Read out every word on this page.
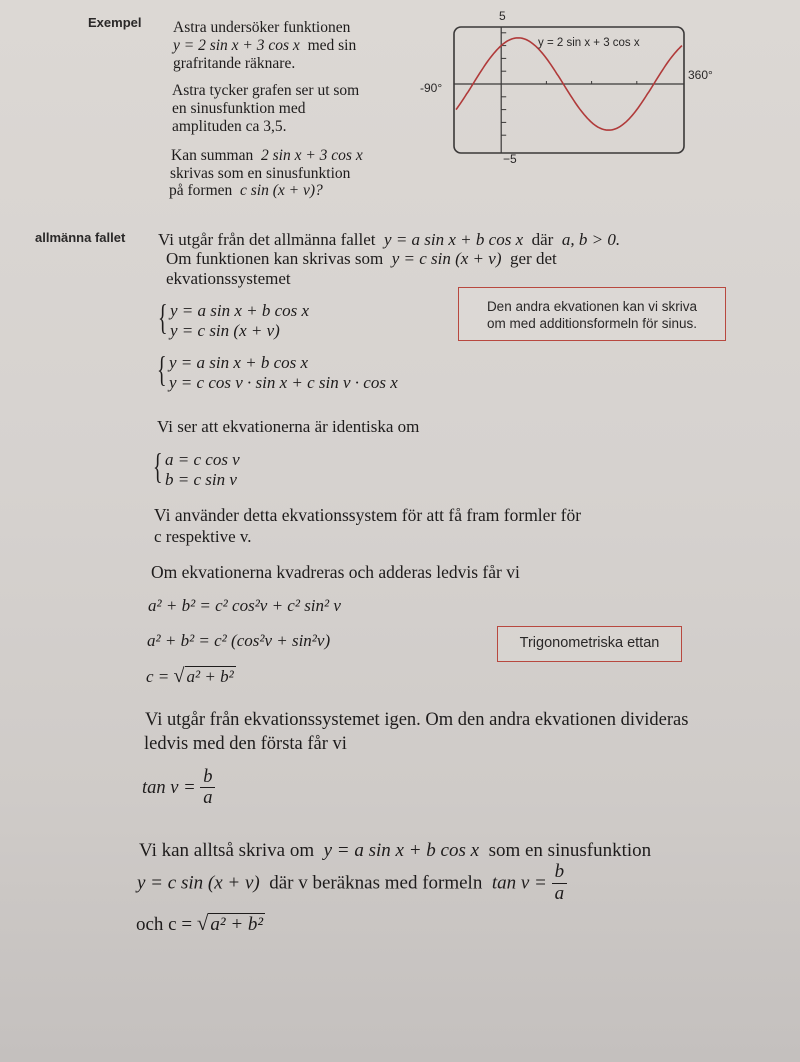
Exempel Astra undersöker funktionen
y = 2 sin x + 3 cos x med sin
grafritande räknare.
Astra tycker grafen ser ut som
en sinusfunktion med
amplituden ca 3,5.
Kan summan 2 sin x + 3 cos x
skrivas som en sinusfunktion
på formen c sin (x + v)?
5
−5
-90°
360°
y = 2 sin x + 3 cos x
allmänna fallet Vi utgår från det allmänna fallet y = a sin x + b cos x där a, b > 0.
Om funktionen kan skrivas som y = c sin (x + v) ger det
ekvationssystemet
{ y = a sin x + b cos x
y = c sin (x + v)
Den andra ekvationen kan vi skriva
om med additionsformeln för sinus.
{ y = a sin x + b cos x
y = c cos v · sin x + c sin v · cos x
Vi ser att ekvationerna är identiska om
{ a = c cos v
b = c sin v
Vi använder detta ekvationssystem för att få fram formler för
c respektive v.
Om ekvationerna kvadreras och adderas ledvis får vi
a² + b² = c² cos²v + c² sin² v
a² + b² = c² (cos²v + sin²v)	Trigonometriska ettan
c = √ a² + b²
Vi utgår från ekvationssystemet igen. Om den andra ekvationen divideras
ledvis med den första får vi
$\tan v = \frac{b}{a}$
Vi kan alltså skriva om y = a sin x + b cos x som en sinusfunktion
y = c sin (x + v) där v beräknas med formeln $\tan v = \frac{b}{a}$
och c = √ a² + b²
